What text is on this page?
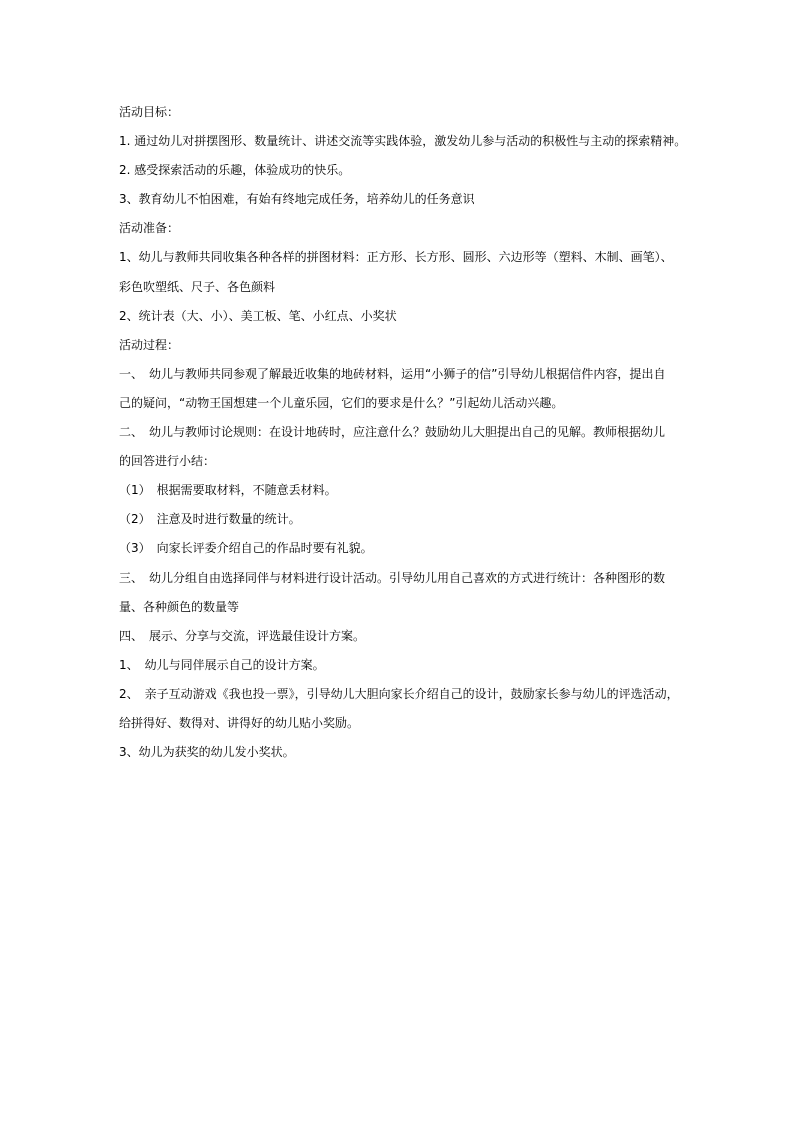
活动目标：
1. 通过幼儿对拼摆图形、数量统计、讲述交流等实践体验，激发幼儿参与活动的积极性与主动的探索精神。
2. 感受探索活动的乐趣，体验成功的快乐。
3、教育幼儿不怕困难，有始有终地完成任务，培养幼儿的任务意识
活动准备：
1、幼儿与教师共同收集各种各样的拼图材料：正方形、长方形、圆形、六边形等（塑料、木制、画笔）、
彩色吹塑纸、尺子、各色颜料
2、统计表（大、小）、美工板、笔、小红点、小奖状
活动过程：
一、　幼儿与教师共同参观了解最近收集的地砖材料，运用“小狮子的信”引导幼儿根据信件内容，提出自
己的疑问，“动物王国想建一个儿童乐园，它们的要求是什么？”引起幼儿活动兴趣。
二、　幼儿与教师讨论规则：在设计地砖时，应注意什么？鼓励幼儿大胆提出自己的见解。教师根据幼儿
的回答进行小结：
（1）　根据需要取材料，不随意丢材料。
（2）　注意及时进行数量的统计。
（3）　向家长评委介绍自己的作品时要有礼貌。
三、　幼儿分组自由选择同伴与材料进行设计活动。引导幼儿用自己喜欢的方式进行统计：各种图形的数
量、各种颜色的数量等
四、　展示、分享与交流，评选最佳设计方案。
1、　幼儿与同伴展示自己的设计方案。
2、　亲子互动游戏《我也投一票》，引导幼儿大胆向家长介绍自己的设计，鼓励家长参与幼儿的评选活动，
给拼得好、数得对、讲得好的幼儿贴小奖励。
3、幼儿为获奖的幼儿发小奖状。
